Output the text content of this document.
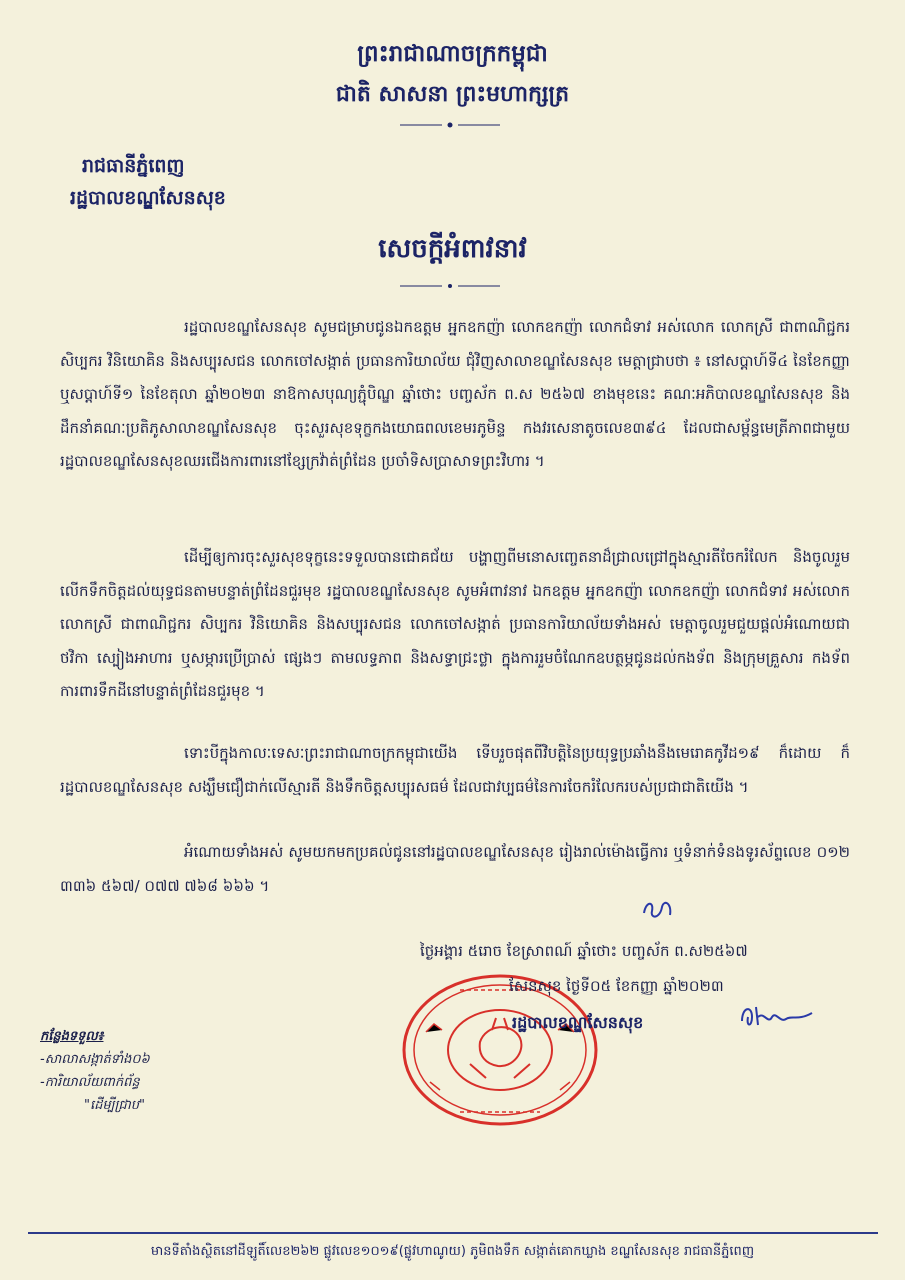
ព្រះរាជាណាចក្រកម្ពុជា
ជាតិ សាសនា ព្រះមហាក្សត្រ
រាជធានីភ្នំពេញ
រដ្ឋបាលខណ្ឌសែនសុខ
សេចក្តីអំពាវនាវ
រដ្ឋបាលខណ្ឌសែនសុខ សូមជម្រាបជូនឯកឧត្តម អ្នកឧកញ៉ា លោកឧកញ៉ា លោកជំទាវ អស់លោក លោកស្រី ជាពាណិជ្ជករ សិប្បករ វិនិយោគិន និងសប្បុរសជន លោកចៅសង្កាត់ ប្រធានការិយាល័យ ជុំវិញសាលាខណ្ឌសែនសុខ មេត្តាជ្រាបថា ៖ នៅសប្តាហ៍ទី៤ នៃខែកញ្ញា ឬសប្តាហ៍ទី១ នៃខែតុលា ឆ្នាំ២០២៣ នាឱកាសបុណ្យភ្ជុំបិណ្ឌ ឆ្នាំថោះ បញ្ចស័ក ព.ស ២៥៦៧ ខាងមុខនេះ គណៈអភិបាលខណ្ឌសែនសុខ និងដឹកនាំគណៈប្រតិភូសាលាខណ្ឌសែនសុខ ចុះសួរសុខទុក្ខកងយោធពលខេមរភូមិន្ទ កងវរសេនាតូចលេខ៣៩៤ ដែលជាសម្ព័ន្ធមេត្រីភាពជាមួយរដ្ឋបាលខណ្ឌសែនសុខឈរជើងការពារនៅខ្សែក្រវ៉ាត់ព្រំដែន ប្រចាំទិសប្រាសាទព្រះវិហារ ។
ដើម្បីឲ្យការចុះសួរសុខទុក្ខនេះទទួលបានជោគជ័យ បង្ហាញពីមនោសញ្ចេតនាដ៏ជ្រាលជ្រៅក្នុងស្មារតីចែករំលែក និងចូលរួមលើកទឹកចិត្តដល់យុទ្ធជនតាមបន្ទាត់ព្រំដែនជួរមុខ រដ្ឋបាលខណ្ឌសែនសុខ សូមអំពាវនាវ ឯកឧត្តម អ្នកឧកញ៉ា លោកឧកញ៉ា លោកជំទាវ អស់លោក លោកស្រី ជាពាណិជ្ជករ សិប្បករ វិនិយោគិន និងសប្បុរសជន លោកចៅសង្កាត់ ប្រធានការិយាល័យទាំងអស់ មេត្តាចូលរួមជួយផ្តល់អំណោយជាថវិកា ស្បៀងអាហារ ឬសម្ភារប្រើប្រាស់ ផ្សេងៗ តាមលទ្ធភាព និងសទ្ធាជ្រះថ្លា ក្នុងការរួមចំណែកឧបត្ថម្ភជូនដល់កងទ័ព និងក្រុមគ្រួសារ កងទ័ពការពារទឹកដីនៅបន្ទាត់ព្រំដែនជួរមុខ ។
ទោះបីក្នុងកាលៈទេសៈព្រះរាជាណាចក្រកម្ពុជាយើង ទើបរួចផុតពីវិបត្តិនៃប្រយុទ្ធប្រឆាំងនឹងមេរោគកូវីដ១៩ ក៏ដោយ ក៏រដ្ឋបាលខណ្ឌសែនសុខ សង្ឃឹមជឿជាក់លើស្មារតី និងទឹកចិត្តសប្បុរសធម៌ ដែលជាវប្បធម៌នៃការចែករំលែករបស់ប្រជាជាតិយើង ។
អំណោយទាំងអស់ សូមយកមកប្រគល់ជូននៅរដ្ឋបាលខណ្ឌសែនសុខ រៀងរាល់ម៉ោងធ្វើការ ឬទំនាក់ទំនងទូរស័ព្ទលេខ ០១២ ៣៣៦ ៥៦៧/ ០៧៧ ៧៦៨ ៦៦៦ ។
ថ្ងៃអង្គារ ៥រោច ខែស្រាពណ៍ ឆ្នាំថោះ បញ្ចស័ក ព.ស២៥៦៧
សែនសុខ ថ្ងៃទី០៥ ខែកញ្ញា ឆ្នាំ២០២៣
រដ្ឋបាលខណ្ឌសែនសុខ
កន្លែងទទួល៖
-សាលាសង្កាត់ទាំង០៦
-ការិយាល័យពាក់ព័ន្ធ
"ដើម្បីជ្រាប"
មានទីតាំងស្ថិតនៅដីឡូតិ៍លេខ២៦២ ផ្លូវលេខ១០១៩(ផ្លូវហាណូយ) ភូមិពងទឹក សង្កាត់គោកឃ្លាង ខណ្ឌសែនសុខ រាជធានីភ្នំពេញ
